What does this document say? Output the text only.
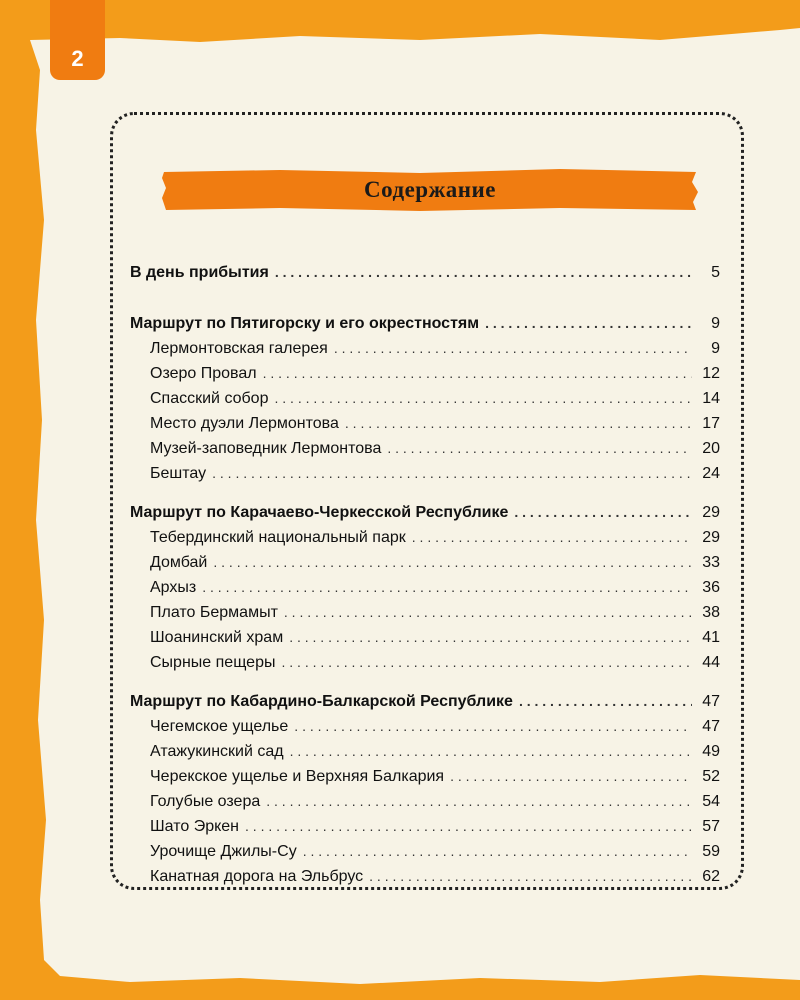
2
Содержание
В день прибытия . . .	5
Маршрут по Пятигорску и его окрестностям . . .	9
Лермонтовская галерея . . .	9
Озеро Провал . . .	12
Спасский собор . . .	14
Место дуэли Лермонтова . . .	17
Музей-заповедник Лермонтова . . .	20
Бештау . . .	24
Маршрут по Карачаево-Черкесской Республике . . .	29
Тебердинский национальный парк . . .	29
Домбай . . .	33
Архыз . . .	36
Плато Бермамыт . . .	38
Шоанинский храм . . .	41
Сырные пещеры . . .	44
Маршрут по Кабардино-Балкарской Республике . . .	47
Чегемское ущелье . . .	47
Атажукинский сад . . .	49
Черекское ущелье и Верхняя Балкария . . .	52
Голубые озера . . .	54
Шато Эркен . . .	57
Урочище Джилы-Су . . .	59
Канатная дорога на Эльбрус . . .	62
